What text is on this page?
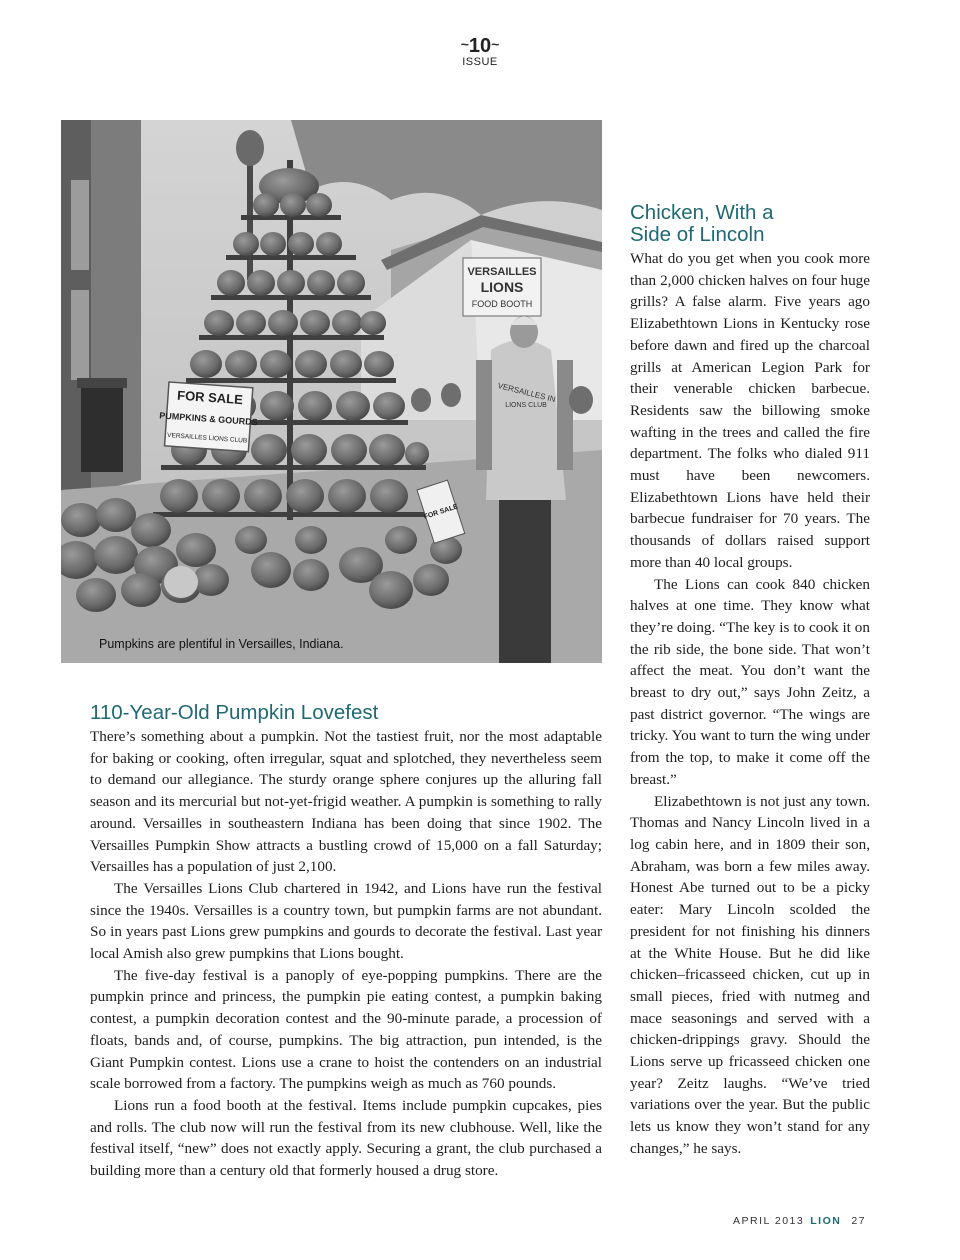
~10~
ISSUE
VERSAILLES
LIONS
FOOD BOOTH
FOR SALE
PUMPKINS & GOURDS
VERSAILLES LIONS CLUB
FOR SALE
VERSAILLES IN
LIONS CLUB
Pumpkins are plentiful in Versailles, Indiana.
110-Year-Old Pumpkin Lovefest

There’s something about a pumpkin. Not the tastiest fruit, nor the most adaptable for baking or cooking, often irregular, squat and splotched, they nevertheless seem to demand our allegiance. The sturdy orange sphere conjures up the alluring fall season and its mercurial but not-yet-frigid weather. A pumpkin is something to rally around. Versailles in southeastern Indiana has been doing that since 1902. The Versailles Pumpkin Show attracts a bustling crowd of 15,000 on a fall Saturday; Versailles has a population of just 2,100.

The Versailles Lions Club chartered in 1942, and Lions have run the festival since the 1940s. Versailles is a country town, but pumpkin farms are not abundant. So in years past Lions grew pumpkins and gourds to decorate the festival. Last year local Amish also grew pumpkins that Lions bought.

The five-day festival is a panoply of eye-popping pumpkins. There are the pumpkin prince and princess, the pumpkin pie eating contest, a pumpkin baking contest, a pumpkin decoration contest and the 90-minute parade, a procession of floats, bands and, of course, pumpkins. The big attraction, pun intended, is the Giant Pumpkin contest. Lions use a crane to hoist the contenders on an industrial scale borrowed from a factory. The pumpkins weigh as much as 760 pounds.

Lions run a food booth at the festival. Items include pumpkin cupcakes, pies and rolls. The club now will run the festival from its new clubhouse. Well, like the festival itself, “new” does not exactly apply. Securing a grant, the club purchased a building more than a century old that formerly housed a drug store.

Chicken, With a
Side of Lincoln

What do you get when you cook more than 2,000 chicken halves on four huge grills? A false alarm. Five years ago Elizabethtown Lions in Kentucky rose before dawn and fired up the charcoal grills at American Legion Park for their venerable chicken barbecue. Residents saw the billowing smoke wafting in the trees and called the fire department. The folks who dialed 911 must have been newcomers. Elizabethtown Lions have held their barbecue fundraiser for 70 years. The thousands of dollars raised support more than 40 local groups.

The Lions can cook 840 chicken halves at one time. They know what they’re doing. “The key is to cook it on the rib side, the bone side. That won’t affect the meat. You don’t want the breast to dry out,” says John Zeitz, a past district governor. “The wings are tricky. You want to turn the wing under from the top, to make it come off the breast.”

Elizabethtown is not just any town. Thomas and Nancy Lincoln lived in a log cabin here, and in 1809 their son, Abraham, was born a few miles away. Honest Abe turned out to be a picky eater: Mary Lincoln scolded the president for not finishing his dinners at the White House. But he did like chicken–fricasseed chicken, cut up in small pieces, fried with nutmeg and mace seasonings and served with a chicken-drippings gravy. Should the Lions serve up fricasseed chicken one year? Zeitz laughs. “We’ve tried variations over the year. But the public lets us know they won’t stand for any changes,” he says.

APRIL 2013 LION 27
